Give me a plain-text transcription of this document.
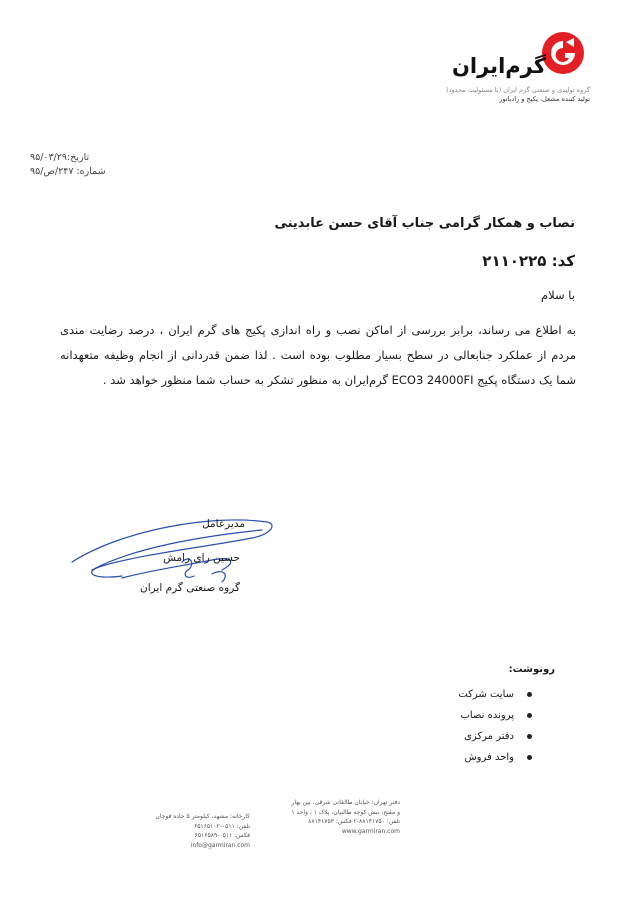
گرم‌ایران
گروه تولیدی و صنعتی گرم ایران (با مسئولیت محدود)
تولید کننده مشعل، پکیج و رادیاتور
تاریخ:۹۵/۰۳/۲۹
شماره: ۲۴۷/ص/۹۵
نصاب و همکار گرامی جناب آقای حسن عابدینی
کد: ۲۱۱۰۲۲۵
با سلام
به اطلاع می رساند، برابر بررسی از اماکن نصب و راه اندازی پکیج های گرم ایران ، درصد رضایت مندی مردم از عملکرد جنابعالی در سطح بسیار مطلوب بوده است . لذا ضمن قدردانی از انجام وظیفه متعهدانه شما یک دستگاه پکیج ECO3 24000FI گرم‌ایران به منظور تشکر به حساب شما منظور خواهد شد .
مدیرعامل
حسین رای رامش
گروه صنعتی گرم ایران
رونوشت:
سایت شرکت
پرونده نصاب
دفتر مرکزی
واحد فروش
دفتر تهران: خیابان طالقانی شرقی، بین بهار
و مفتح، نبش کوچه طالبیان، پلاک ۱ ، واحد ۱
تلفن: ۸۸۱۴۱۷۵۰-۲ فکس: ۸۸۱۴۱۷۵۳
www.garmiran.com
کارخانه: مشهد، کیلومتر ۵ جاده قوچان
تلفن: ۰۵۱۱-۶۵۱۶۵۱۰۲
فکس: ۰۵۱۱-۶۵۱۶۵۸۹
info@garmiran.com
